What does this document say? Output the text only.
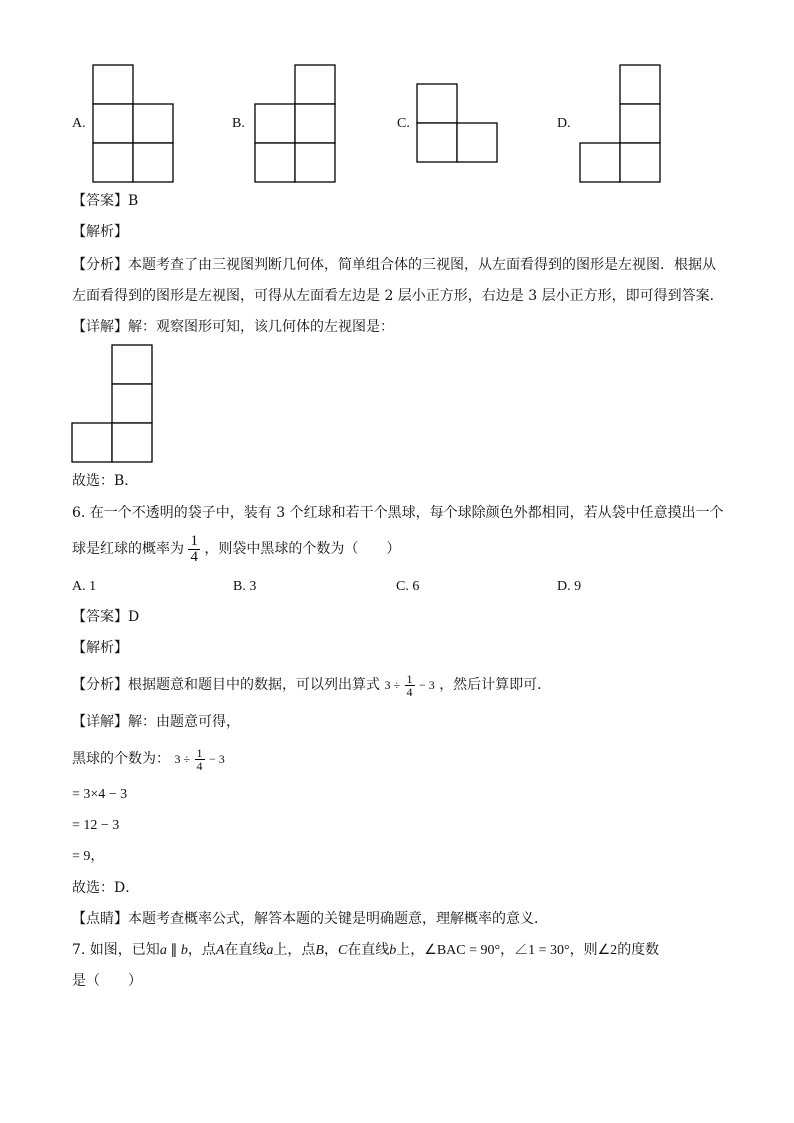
A.	B.	C.	D.
【答案】B
【解析】
【分析】本题考查了由三视图判断几何体，简单组合体的三视图，从左面看得到的图形是左视图．根据从
左面看得到的图形是左视图，可得从左面看左边是 2 层小正方形，右边是 3 层小正方形，即可得到答案．
【详解】解：观察图形可知，该几何体的左视图是：
故选：B．
6. 在一个不透明的袋子中，装有 3 个红球和若干个黑球，每个球除颜色外都相同，若从袋中任意摸出一个
球是红球的概率为 $\frac{1}{4}$ ，则袋中黑球的个数为（　　）
A. 1	B. 3	C. 6	D. 9
【答案】D
【解析】
【分析】根据题意和题目中的数据，可以列出算式 $3 \div \frac{1}{4} - 3$ ，然后计算即可．
【详解】解：由题意可得，
黑球的个数为： $3 \div \frac{1}{4} - 3$
= 3×4 − 3
= 12 − 3
= 9，
故选：D．
【点睛】本题考查概率公式，解答本题的关键是明确题意，理解概率的意义．
7. 如图，已知a ∥ b，点A在直线a上，点B，C在直线b上，∠BAC = 90°，∠1 = 30°，则∠2的度数
是（　　）
